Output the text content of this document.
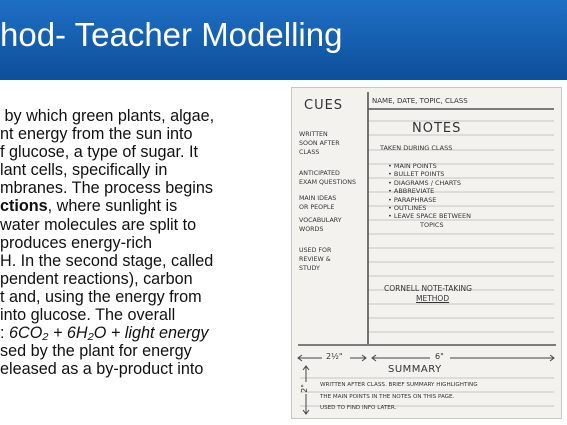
hod- Teacher Modelling
by which green plants, algae,
nt energy from the sun into
f glucose, a type of sugar. It
lant cells, specifically in
mbranes. The process begins
ctions, where sunlight is
water molecules are split to
produces energy-rich
H. In the second stage, called
pendent reactions), carbon
t and, using the energy from
into glucose. The overall
: 6CO₂ + 6H₂O + light energy
sed by the plant for energy
eleased as a by-product into
CUES	NAME, DATE, TOPIC, CLASS
NOTES
TAKEN DURING CLASS
• MAIN POINTS
• BULLET POINTS
• DIAGRAMS / CHARTS
• ABBREVIATE
• PARAPHRASE
• OUTLINES
• LEAVE SPACE BETWEEN
TOPICS
WRITTEN
SOON AFTER
CLASS
ANTICIPATED
EXAM QUESTIONS
MAIN IDEAS
OR PEOPLE
VOCABULARY
WORDS
USED FOR
REVIEW &
STUDY
CORNELL NOTE-TAKING
METHOD
2½"	6"
2"
SUMMARY
WRITTEN AFTER CLASS. BRIEF SUMMARY HIGHLIGHTING
THE MAIN POINTS IN THE NOTES ON THIS PAGE.
USED TO FIND INFO LATER.
